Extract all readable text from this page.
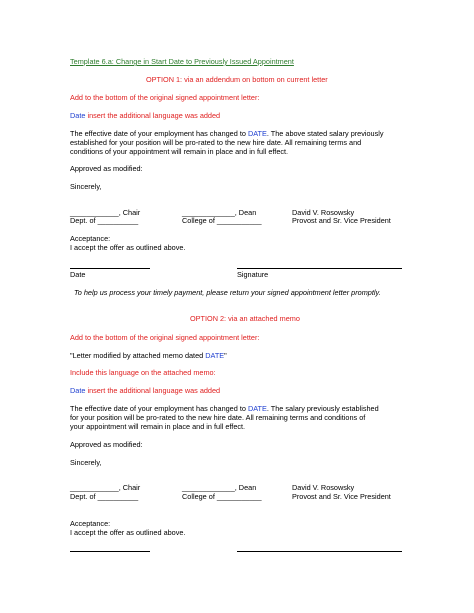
Template 6.a: Change in Start Date to Previously Issued Appointment
OPTION 1: via an addendum on bottom on current letter
Add to the bottom of the original signed appointment letter:
Date insert the additional language was added
The effective date of your employment has changed to DATE. The above stated salary previously
established for your position will be pro-rated to the new hire date. All remaining terms and
conditions of your appointment will remain in place and in full effect.
Approved as modified:
Sincerely,
____________, Chair	_____________, Dean	David V. Rosowsky
Dept. of __________	College of ___________	Provost and Sr. Vice President
Acceptance:
I accept the offer as outlined above.
Date	Signature
To help us process your timely payment, please return your signed appointment letter promptly.
OPTION 2: via an attached memo
Add to the bottom of the original signed appointment letter:
"Letter modified by attached memo dated DATE"
Include this language on the attached memo:
Date insert the additional language was added
The effective date of your employment has changed to DATE. The salary previously established
for your position will be pro-rated to the new hire date. All remaining terms and conditions of
your appointment will remain in place and in full effect.
Approved as modified:
Sincerely,
____________, Chair	_____________, Dean	David V. Rosowsky
Dept. of __________	College of ___________	Provost and Sr. Vice President
Acceptance:
I accept the offer as outlined above.
